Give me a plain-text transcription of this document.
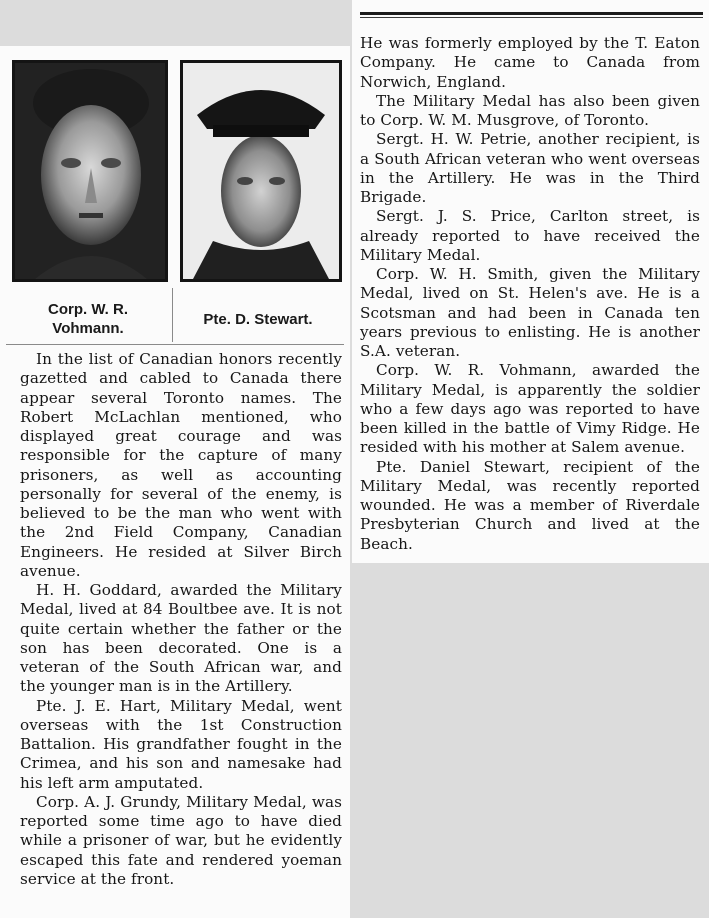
Corp. W. R.
Vohmann.
Pte. D. Stewart.

In the list of Canadian honors recently gazetted and cabled to Canada there appear several Toronto names. The Robert McLachlan mentioned, who displayed great courage and was responsible for the capture of many prisoners, as well as accounting personally for several of the enemy, is believed to be the man who went with the 2nd Field Company, Canadian Engineers. He resided at Silver Birch avenue.

H. H. Goddard, awarded the Military Medal, lived at 84 Boultbee ave. It is not quite certain whether the father or the son has been decorated. One is a veteran of the South African war, and the younger man is in the Artillery.

Pte. J. E. Hart, Military Medal, went overseas with the 1st Construction Battalion. His grandfather fought in the Crimea, and his son and namesake had his left arm amputated.

Corp. A. J. Grundy, Military Medal, was reported some time ago to have died while a prisoner of war, but he evidently escaped this fate and rendered yoeman service at the front.

He was formerly employed by the T. Eaton Company. He came to Canada from Norwich, England.

The Military Medal has also been given to Corp. W. M. Musgrove, of Toronto.

Sergt. H. W. Petrie, another recipient, is a South African veteran who went overseas in the Artillery. He was in the Third Brigade.

Sergt. J. S. Price, Carlton street, is already reported to have received the Military Medal.

Corp. W. H. Smith, given the Military Medal, lived on St. Helen's ave. He is a Scotsman and had been in Canada ten years previous to enlisting. He is another S.A. veteran.

Corp. W. R. Vohmann, awarded the Military Medal, is apparently the soldier who a few days ago was reported to have been killed in the battle of Vimy Ridge. He resided with his mother at Salem avenue.

Pte. Daniel Stewart, recipient of the Military Medal, was recently reported wounded. He was a member of Riverdale Presbyterian Church and lived at the Beach.
